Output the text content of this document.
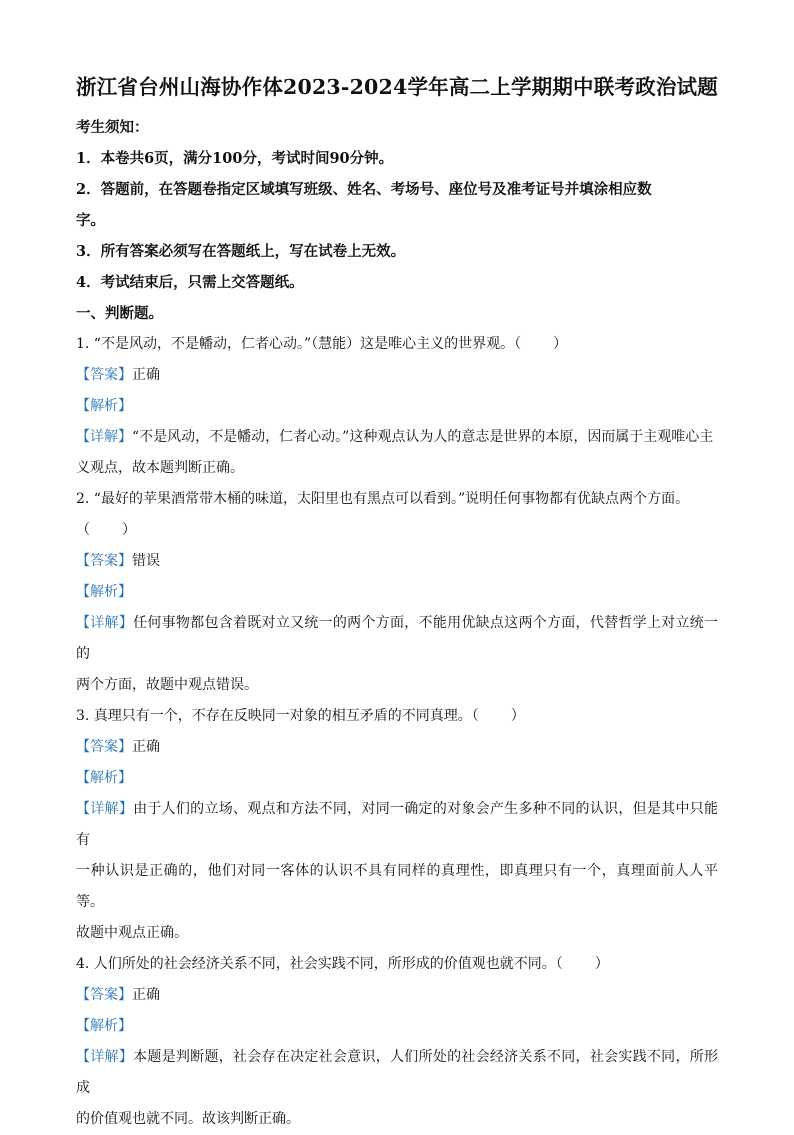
浙江省台州山海协作体2023-2024学年高二上学期期中联考政治试题

考生须知：

1．本卷共6页，满分100分，考试时间90分钟。

2．答题前，在答题卷指定区域填写班级、姓名、考场号、座位号及准考证号并填涂相应数

字。

3．所有答案必须写在答题纸上，写在试卷上无效。

4．考试结束后，只需上交答题纸。

一、判断题。

1. “不是风动，不是幡动，仁者心动。”（慧能）这是唯心主义的世界观。（ ）

【答案】正确

【解析】

【详解】“不是风动，不是幡动，仁者心动。”这种观点认为人的意志是世界的本原，因而属于主观唯心主

义观点，故本题判断正确。

2. “最好的苹果酒常带木桶的味道，太阳里也有黑点可以看到。”说明任何事物都有优缺点两个方面。

（ ）

【答案】错误

【解析】

【详解】任何事物都包含着既对立又统一的两个方面，不能用优缺点这两个方面，代替哲学上对立统一的

两个方面，故题中观点错误。

3. 真理只有一个，不存在反映同一对象的相互矛盾的不同真理。（ ）

【答案】正确

【解析】

【详解】由于人们的立场、观点和方法不同，对同一确定的对象会产生多种不同的认识，但是其中只能有

一种认识是正确的，他们对同一客体的认识不具有同样的真理性，即真理只有一个，真理面前人人平等。

故题中观点正确。

4. 人们所处的社会经济关系不同，社会实践不同，所形成的价值观也就不同。（ ）

【答案】正确

【解析】

【详解】本题是判断题，社会存在决定社会意识，人们所处的社会经济关系不同，社会实践不同，所形成

的价值观也就不同。故该判断正确。
